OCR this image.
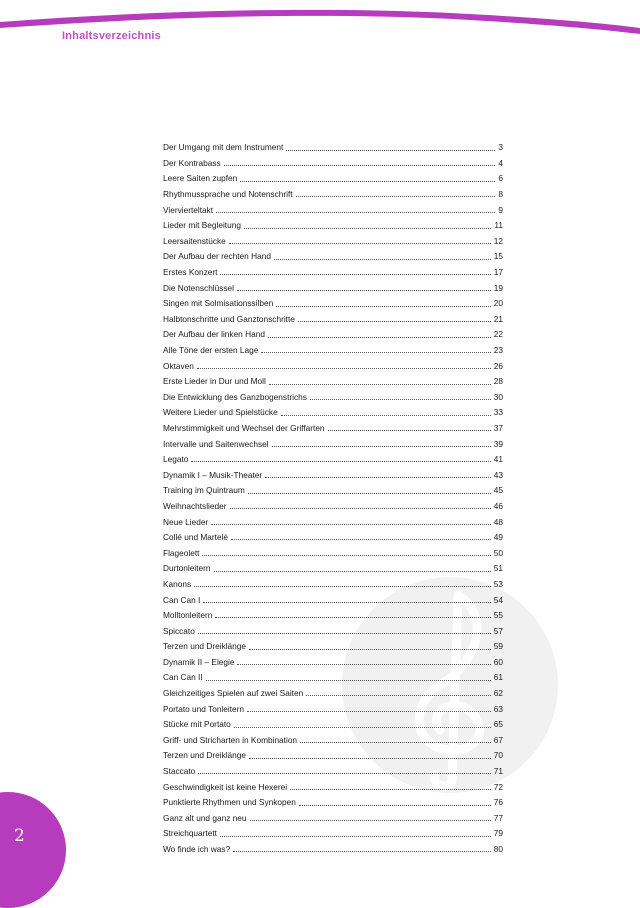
Inhaltsverzeichnis
2
Der Umgang mit dem Instrument	3
Der Kontrabass	4
Leere Saiten zupfen	6
Rhythmussprache und Notenschrift	8
Viervierteltakt	9
Lieder mit Begleitung	11
Leersaitenstücke	12
Der Aufbau der rechten Hand	15
Erstes Konzert	17
Die Notenschlüssel	19
Singen mit Solmisationssilben	20
Halbtonschritte und Ganztonschritte	21
Der Aufbau der linken Hand	22
Alle Töne der ersten Lage	23
Oktaven	26
Erste Lieder in Dur und Moll	28
Die Entwicklung des Ganzbogenstrichs	30
Weitere Lieder und Spielstücke	33
Mehrstimmigkeit und Wechsel der Griffarten	37
Intervalle und Saitenwechsel	39
Legato	41
Dynamik I – Musik-Theater	43
Training im Quintraum	45
Weihnachtslieder	46
Neue Lieder	48
Collé und Martelé	49
Flageolett	50
Durtonleitern	51
Kanons	53
Can Can I	54
Molltonleitern	55
Spiccato	57
Terzen und Dreiklänge	59
Dynamik II – Elegie	60
Can Can II	61
Gleichzeitiges Spielen auf zwei Saiten	62
Portato und Tonleitern	63
Stücke mit Portato	65
Griff- und Stricharten in Kombination	67
Terzen und Dreiklänge	70
Staccato	71
Geschwindigkeit ist keine Hexerei	72
Punktierte Rhythmen und Synkopen	76
Ganz alt und ganz neu	77
Streichquartett	79
Wo finde ich was?	80
